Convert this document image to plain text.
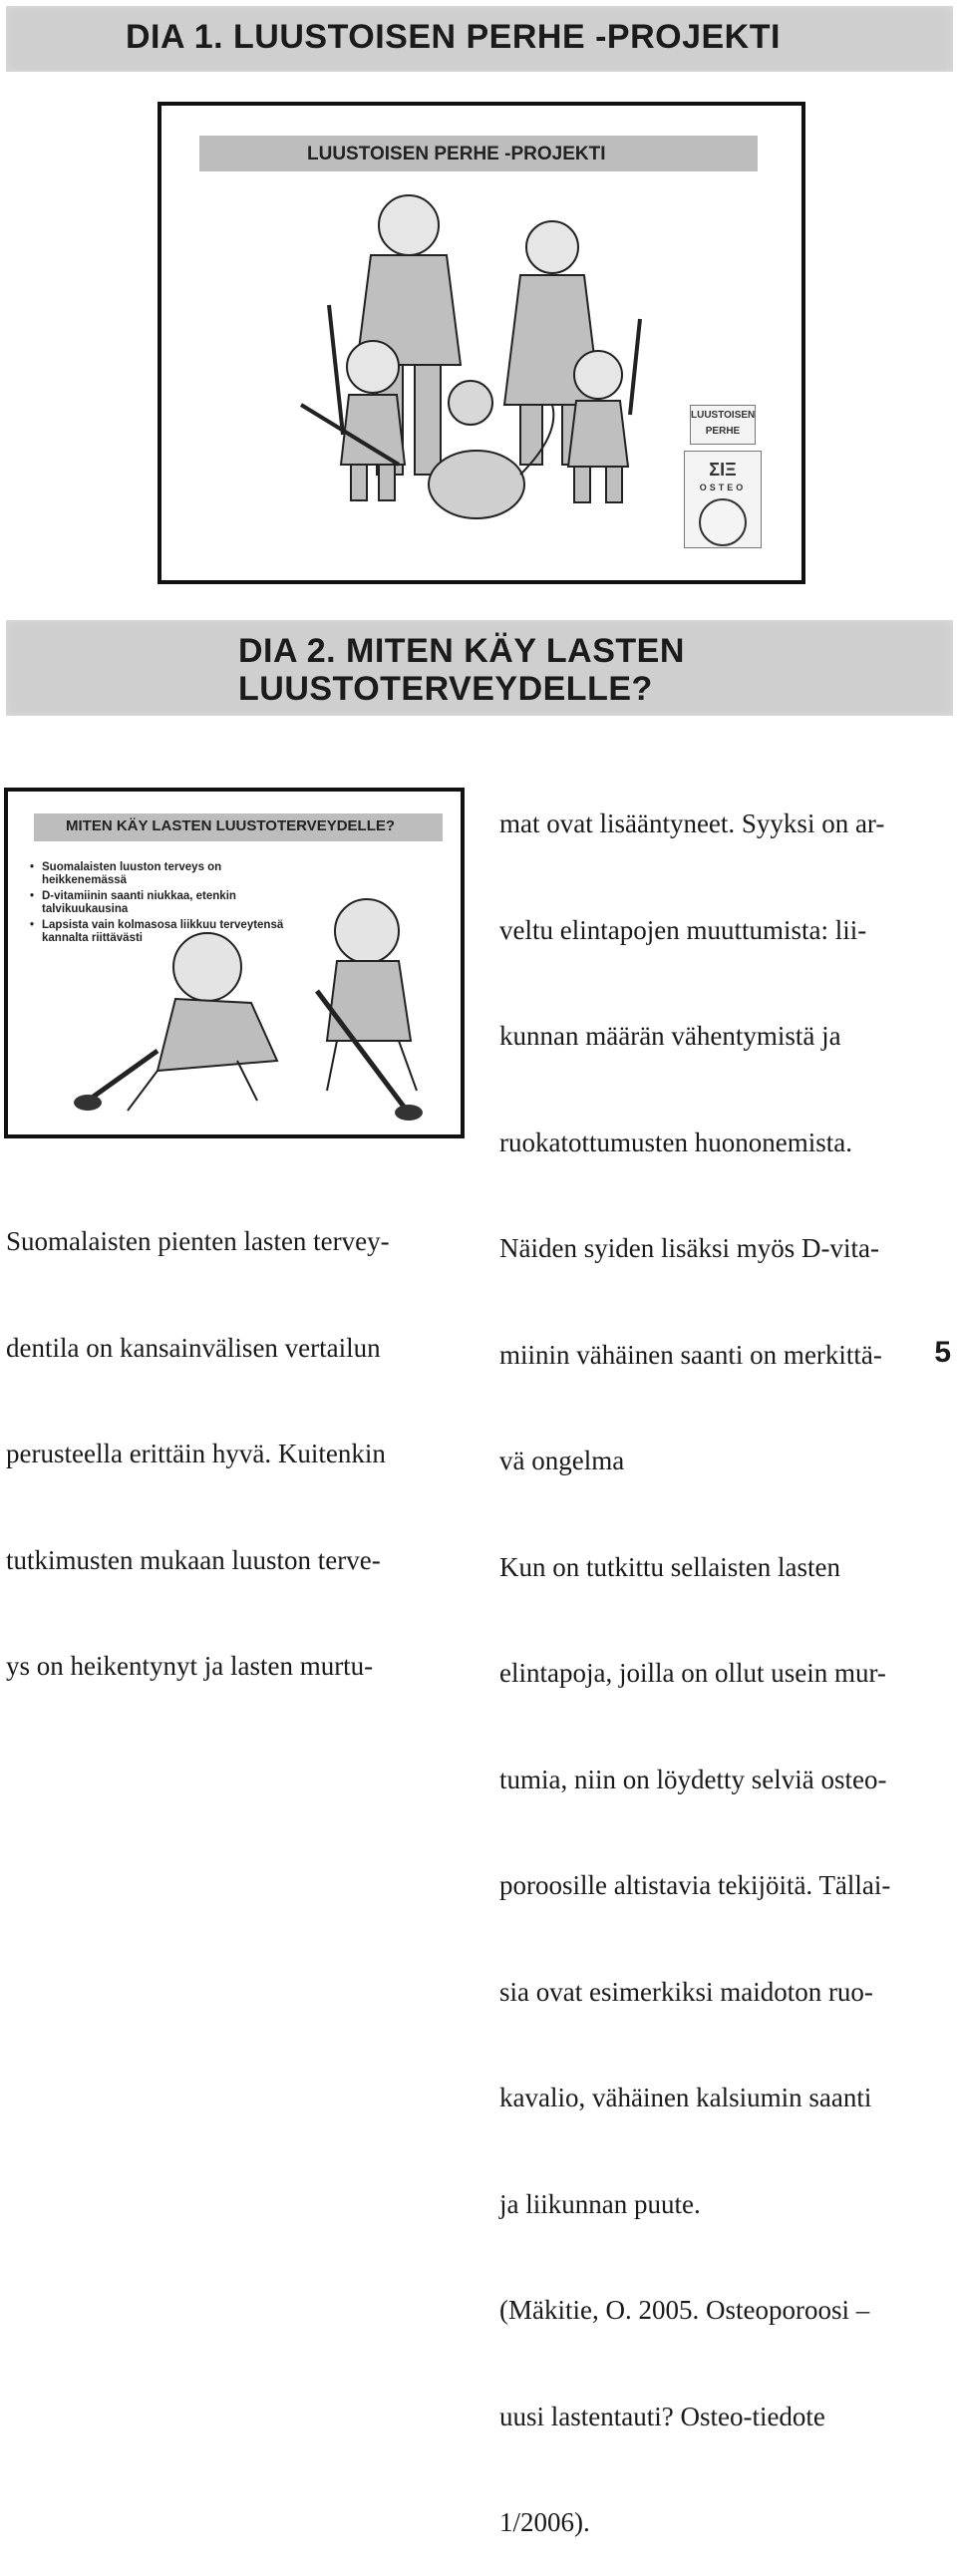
DIA 1. LUUSTOISEN PERHE -PROJEKTI
LUUSTOISEN PERHE -PROJEKTI
LUUSTOISEN PERHE
ΣΙΞ
OSTEO
DIA 2. MITEN KÄY LASTEN
LUUSTOTERVEYDELLE?
MITEN KÄY LASTEN LUUSTOTERVEYDELLE?
• Suomalaisten luuston terveys on heikkenemässä
• D-vitamiinin saanti niukkaa, etenkin talvikuukausina
• Lapsista vain kolmasosa liikkuu terveytensä kannalta riittävästi

Suomalaisten pienten lasten tervey-

dentila on kansainvälisen vertailun

perusteella erittäin hyvä. Kuitenkin

tutkimusten mukaan luuston terve-

ys on heikentynyt ja lasten murtu-

mat ovat lisääntyneet. Syyksi on ar-

veltu elintapojen muuttumista: lii-

kunnan määrän vähentymistä ja

ruokatottumusten huononemista.

Näiden syiden lisäksi myös D-vita-

miinin vähäinen saanti on merkittä-

vä ongelma

Kun on tutkittu sellaisten lasten

elintapoja, joilla on ollut usein mur-

tumia, niin on löydetty selviä osteo-

poroosille altistavia tekijöitä. Tällai-

sia ovat esimerkiksi maidoton ruo-

kavalio, vähäinen kalsiumin saanti

ja liikunnan puute.

(Mäkitie, O. 2005. Osteoporoosi –

uusi lastentauti? Osteo-tiedote

1/2006).

5
